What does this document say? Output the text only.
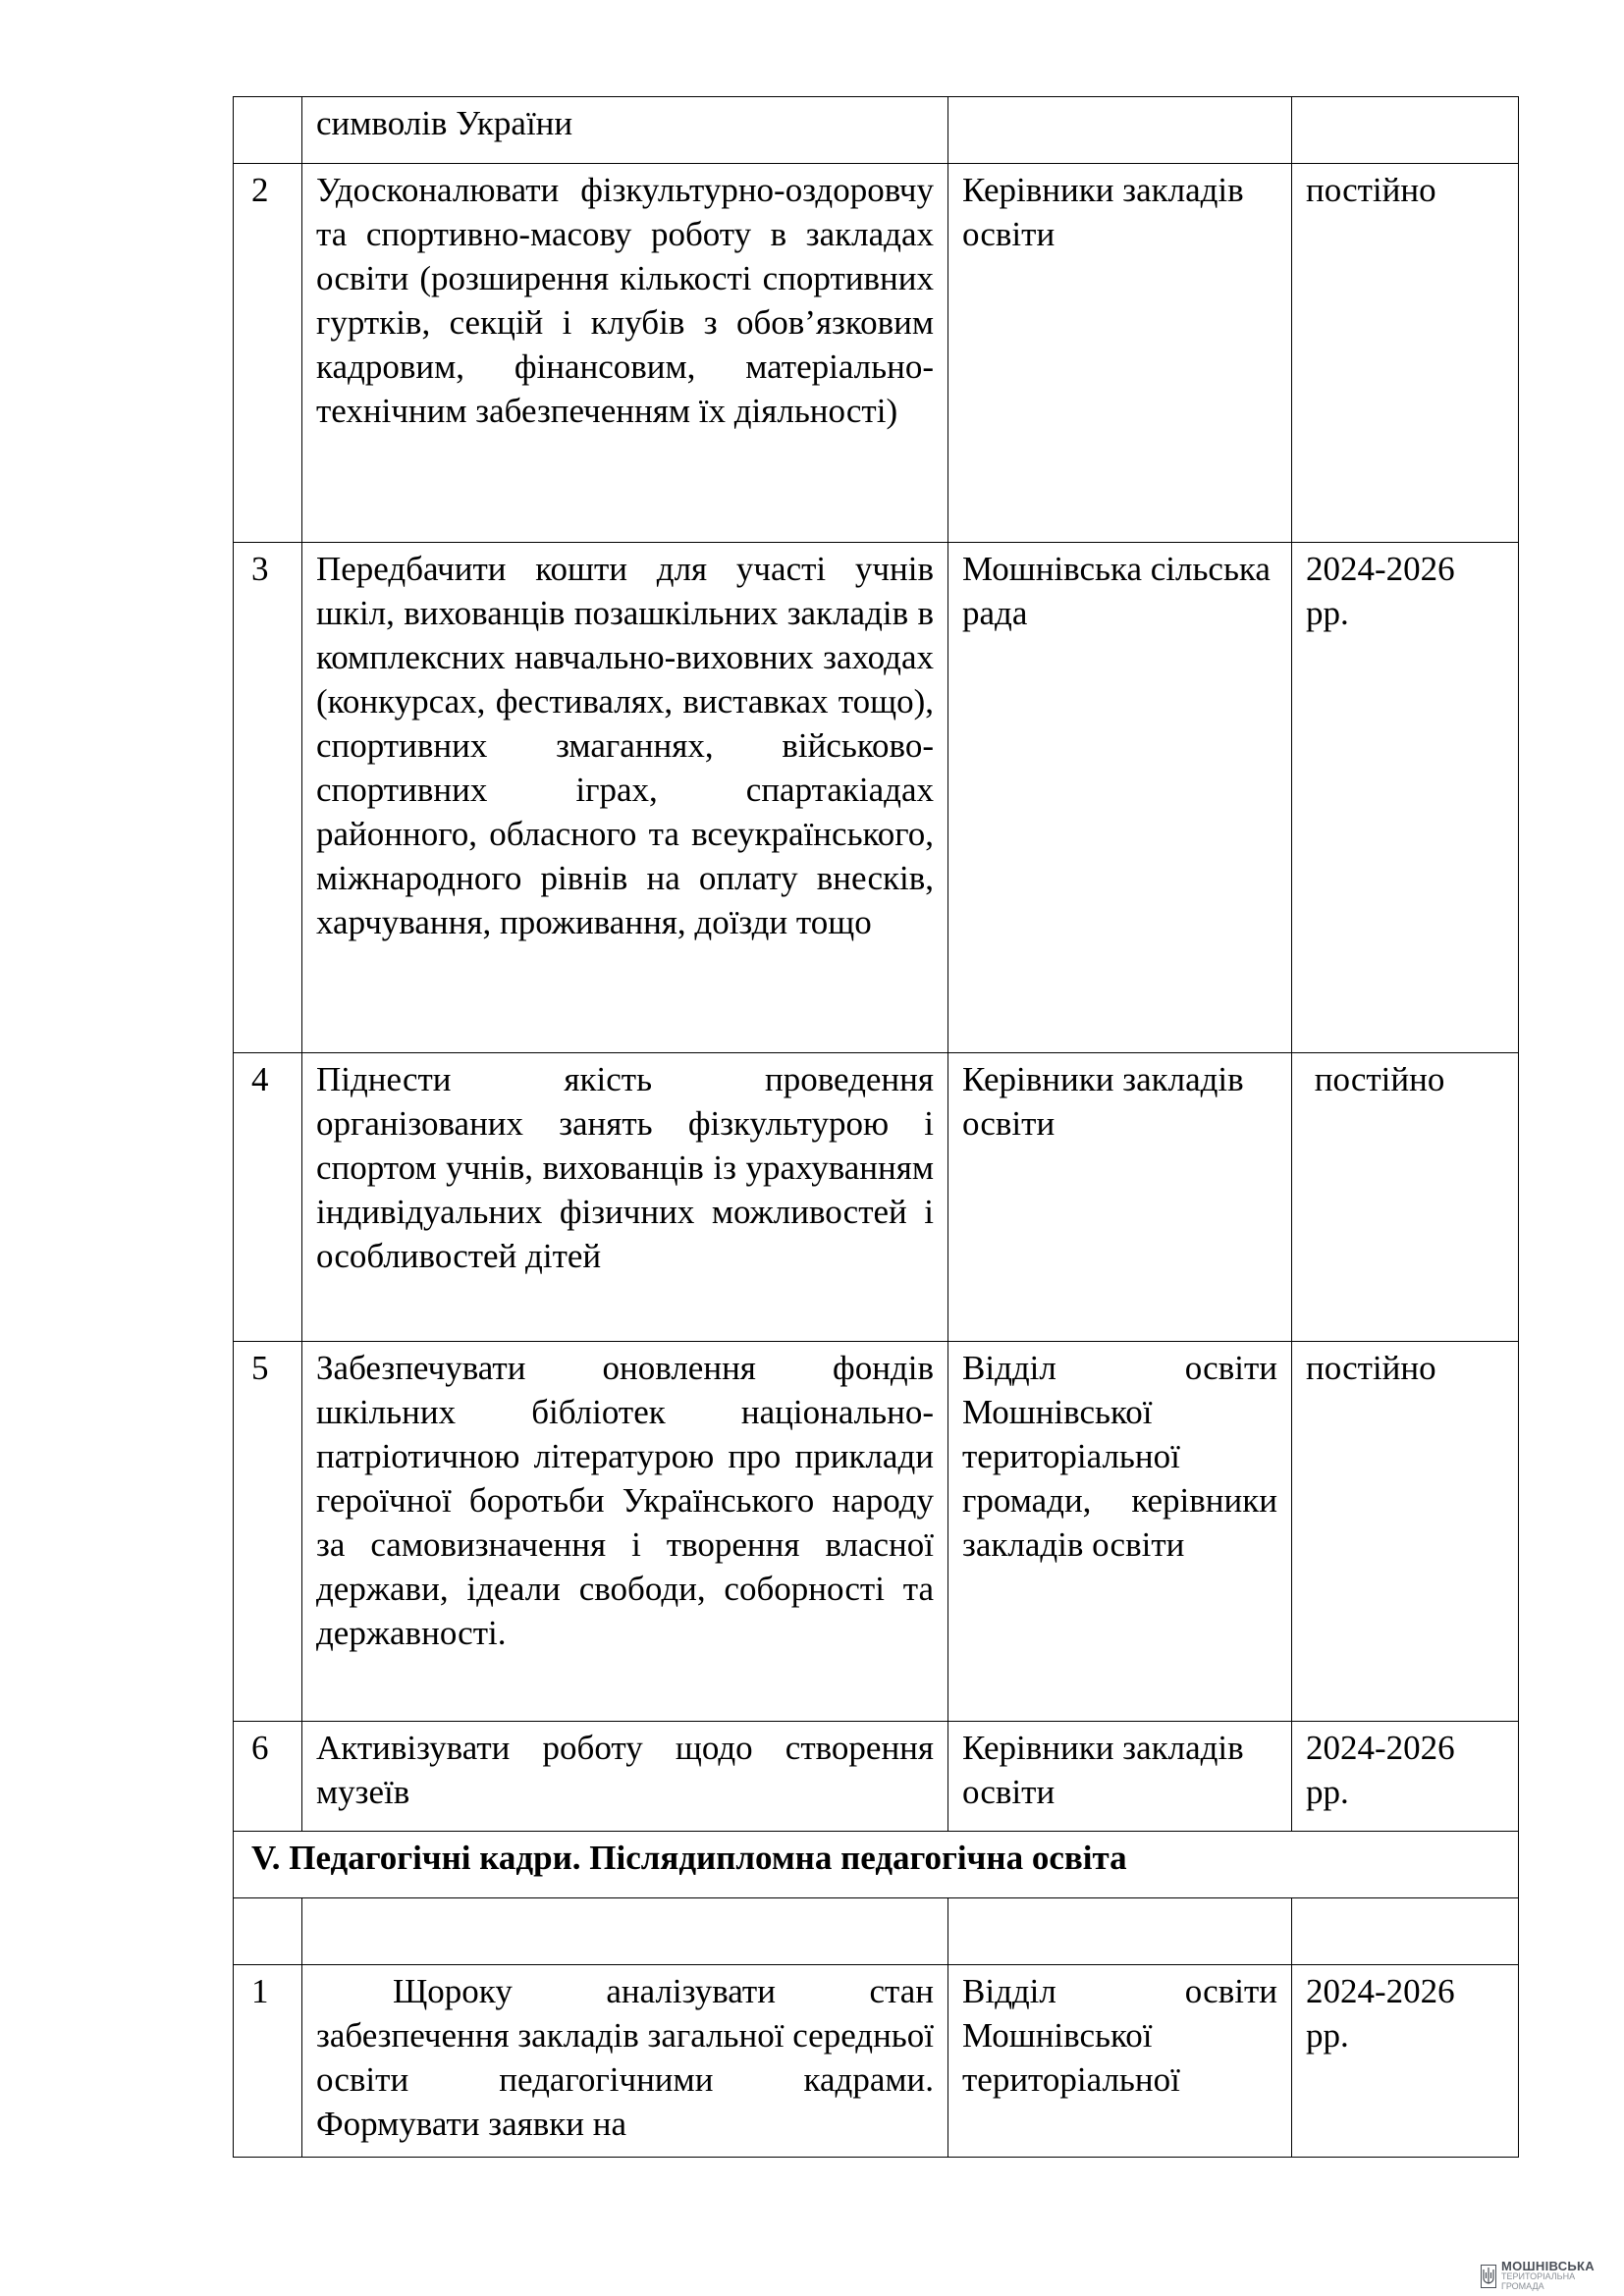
	символів України		
2	Удосконалювати фізкультурно-оздоровчу та спортивно-масову роботу в закладах освіти (розширення кількості спортивних гуртків, секцій і клубів з обов’язковим кадровим, фінансовим, матеріально-технічним забезпеченням їх діяльності)	Керівники закладів освіти	постійно
3	Передбачити кошти для участі учнів шкіл, вихованців позашкільних закладів в комплексних навчально-виховних заходах (конкурсах, фестивалях, виставках тощо), спортивних змаганнях, військово-спортивних іграх, спартакіадах районного, обласного та всеукраїнського, міжнародного рівнів на оплату внесків, харчування, проживання, доїзди тощо	Мошнівська сільська рада	2024-2026 рр.
4	Піднести якість проведення організованих занять фізкультурою і спортом учнів, вихованців із урахуванням індивідуальних фізичних можливостей і особливостей дітей	Керівники закладів освіти	постійно
5	Забезпечувати оновлення фондів шкільних бібліотек національно-патріотичною літературою про приклади героїчної боротьби Українського народу за самовизначення і творення власної держави, ідеали свободи, соборності та державності.	Відділ освіти Мошнівської територіальної громади, керівники закладів освіти	постійно
6	Активізувати роботу щодо створення музеїв	Керівники закладів освіти	2024-2026 рр.
V. Педагогічні кадри. Післядипломна педагогічна освіта			

1	Щороку аналізувати стан забезпечення закладів загальної середньої освіти педагогічними кадрами. Формувати заявки на	Відділ освіти Мошнівської територіальної	2024-2026 рр.
МОШНІВСЬКА
ТЕРИТОРІАЛЬНА ГРОМАДА
